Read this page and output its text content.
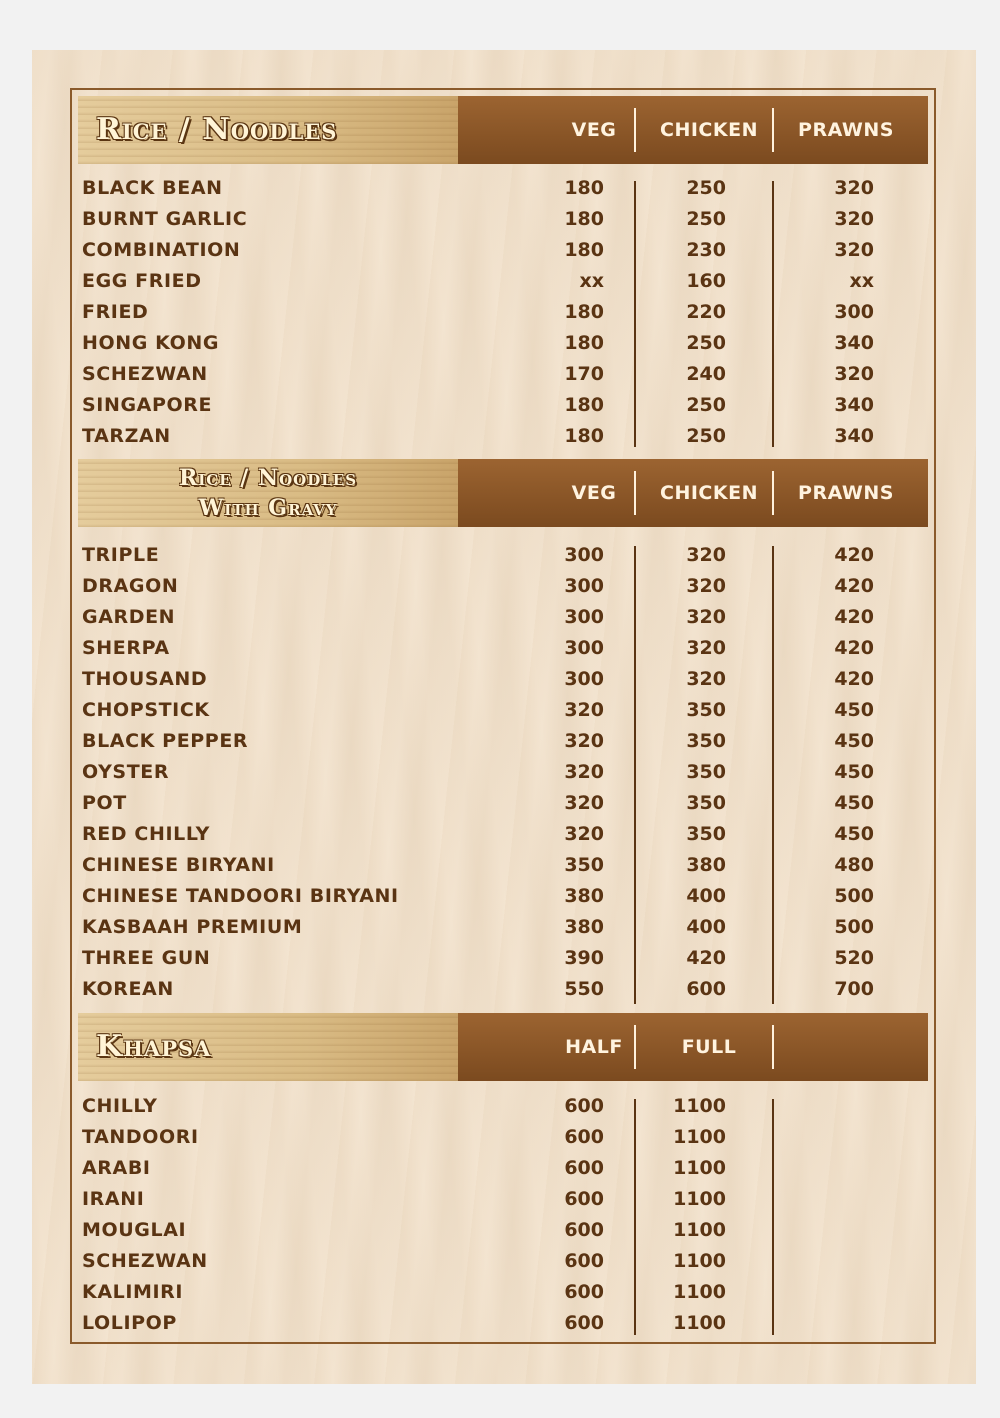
Rice / Noodles	VEG	CHICKEN	PRAWNS
BLACK BEAN	180	250	320
BURNT GARLIC	180	250	320
COMBINATION	180	230	320
EGG FRIED	xx	160	xx
FRIED	180	220	300
HONG KONG	180	250	340
SCHEZWAN	170	240	320
SINGAPORE	180	250	340
TARZAN	180	250	340
Rice / Noodles
With Gravy
VEG	CHICKEN	PRAWNS
TRIPLE	300	320	420
DRAGON	300	320	420
GARDEN	300	320	420
SHERPA	300	320	420
THOUSAND	300	320	420
CHOPSTICK	320	350	450
BLACK PEPPER	320	350	450
OYSTER	320	350	450
POT	320	350	450
RED CHILLY	320	350	450
CHINESE BIRYANI	350	380	480
CHINESE TANDOORI BIRYANI	380	400	500
KASBAAH PREMIUM	380	400	500
THREE GUN	390	420	520
KOREAN	550	600	700
Khapsa	HALF	FULL
CHILLY	600	1100
TANDOORI	600	1100
ARABI	600	1100
IRANI	600	1100
MOUGLAI	600	1100
SCHEZWAN	600	1100
KALIMIRI	600	1100
LOLIPOP	600	1100
